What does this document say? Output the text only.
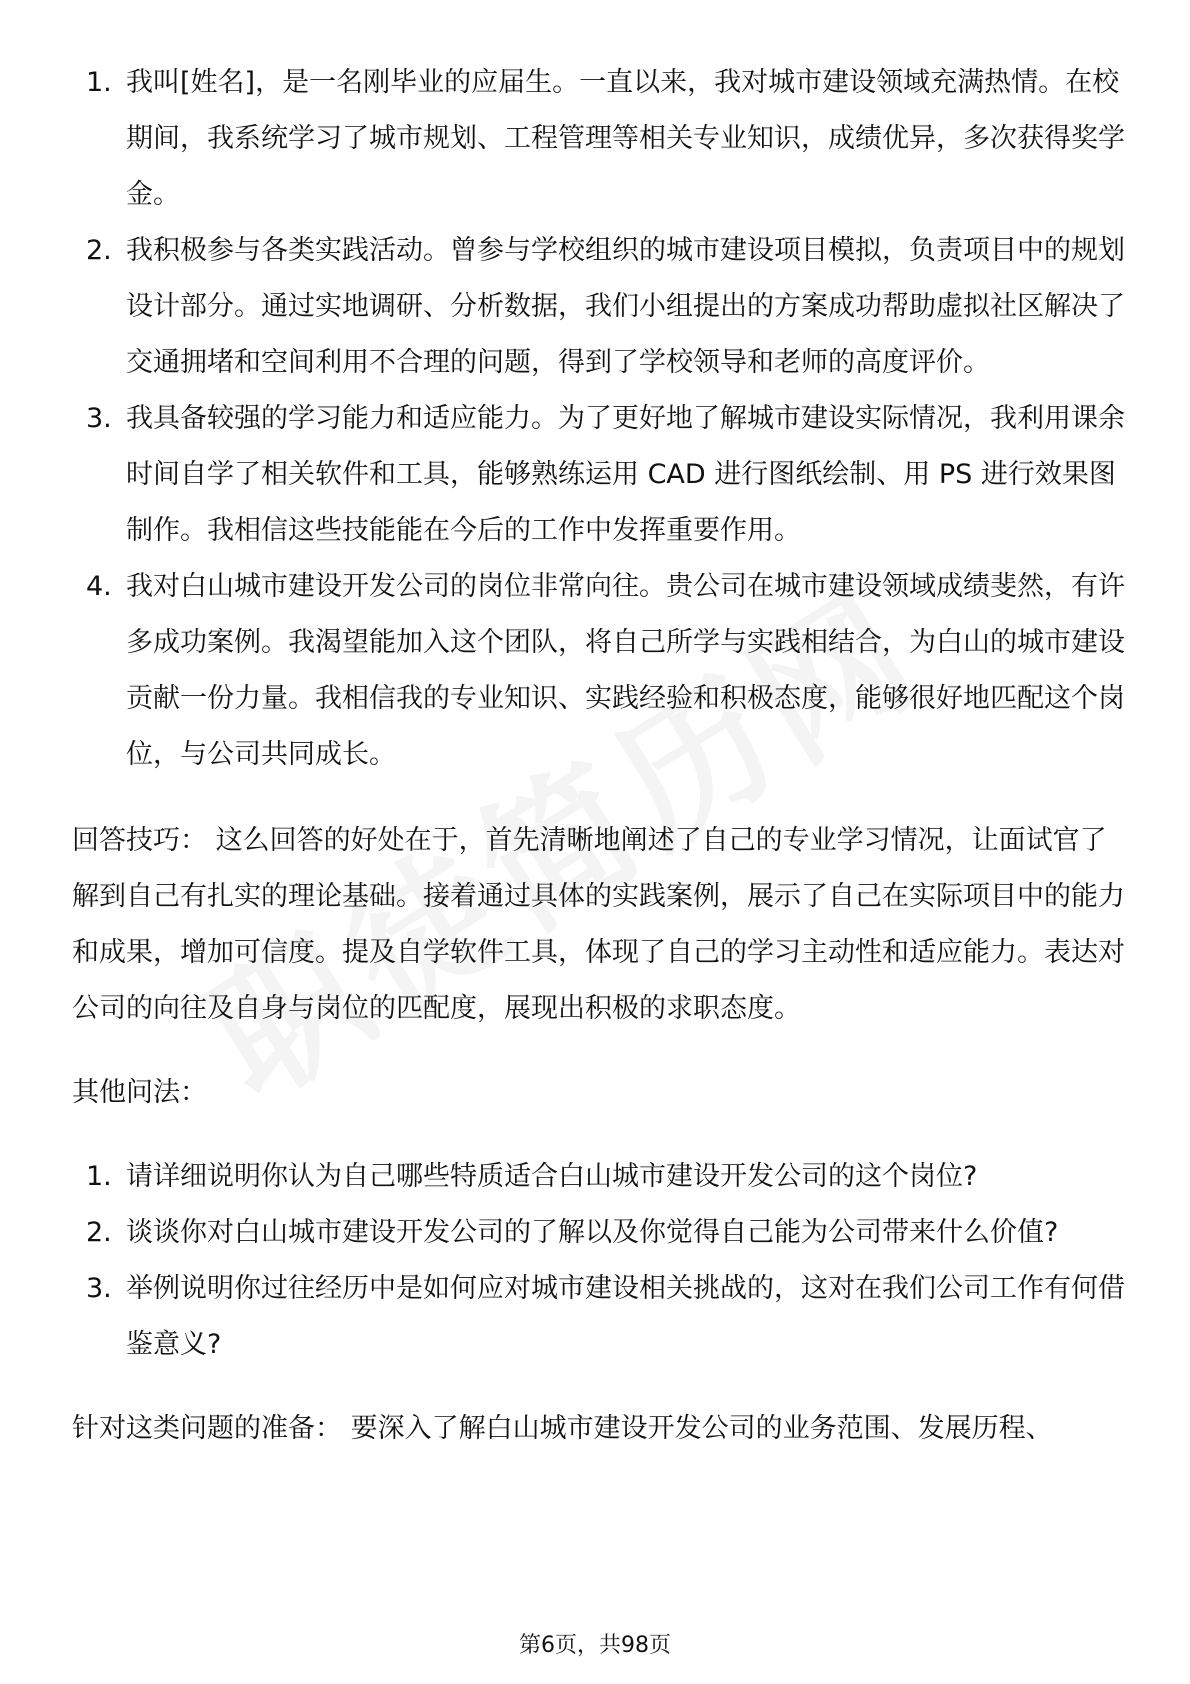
1. 我叫[姓名]，是一名刚毕业的应届生。一直以来，我对城市建设领域充满热情。在校期间，我系统学习了城市规划、工程管理等相关专业知识，成绩优异，多次获得奖学金。
2. 我积极参与各类实践活动。曾参与学校组织的城市建设项目模拟，负责项目中的规划设计部分。通过实地调研、分析数据，我们小组提出的方案成功帮助虚拟社区解决了交通拥堵和空间利用不合理的问题，得到了学校领导和老师的高度评价。
3. 我具备较强的学习能力和适应能力。为了更好地了解城市建设实际情况，我利用课余时间自学了相关软件和工具，能够熟练运用 CAD 进行图纸绘制、用 PS 进行效果图制作。我相信这些技能能在今后的工作中发挥重要作用。
4. 我对白山城市建设开发公司的岗位非常向往。贵公司在城市建设领域成绩斐然，有许多成功案例。我渴望能加入这个团队，将自己所学与实践相结合，为白山的城市建设贡献一份力量。我相信我的专业知识、实践经验和积极态度，能够很好地匹配这个岗位，与公司共同成长。

回答技巧： 这么回答的好处在于，首先清晰地阐述了自己的专业学习情况，让面试官了解到自己有扎实的理论基础。接着通过具体的实践案例，展示了自己在实际项目中的能力和成果，增加可信度。提及自学软件工具，体现了自己的学习主动性和适应能力。表达对公司的向往及自身与岗位的匹配度，展现出积极的求职态度。

其他问法：

1. 请详细说明你认为自己哪些特质适合白山城市建设开发公司的这个岗位?
2. 谈谈你对白山城市建设开发公司的了解以及你觉得自己能为公司带来什么价值?
3. 举例说明你过往经历中是如何应对城市建设相关挑战的，这对在我们公司工作有何借鉴意义?

针对这类问题的准备： 要深入了解白山城市建设开发公司的业务范围、发展历程、

第6页，共98页
